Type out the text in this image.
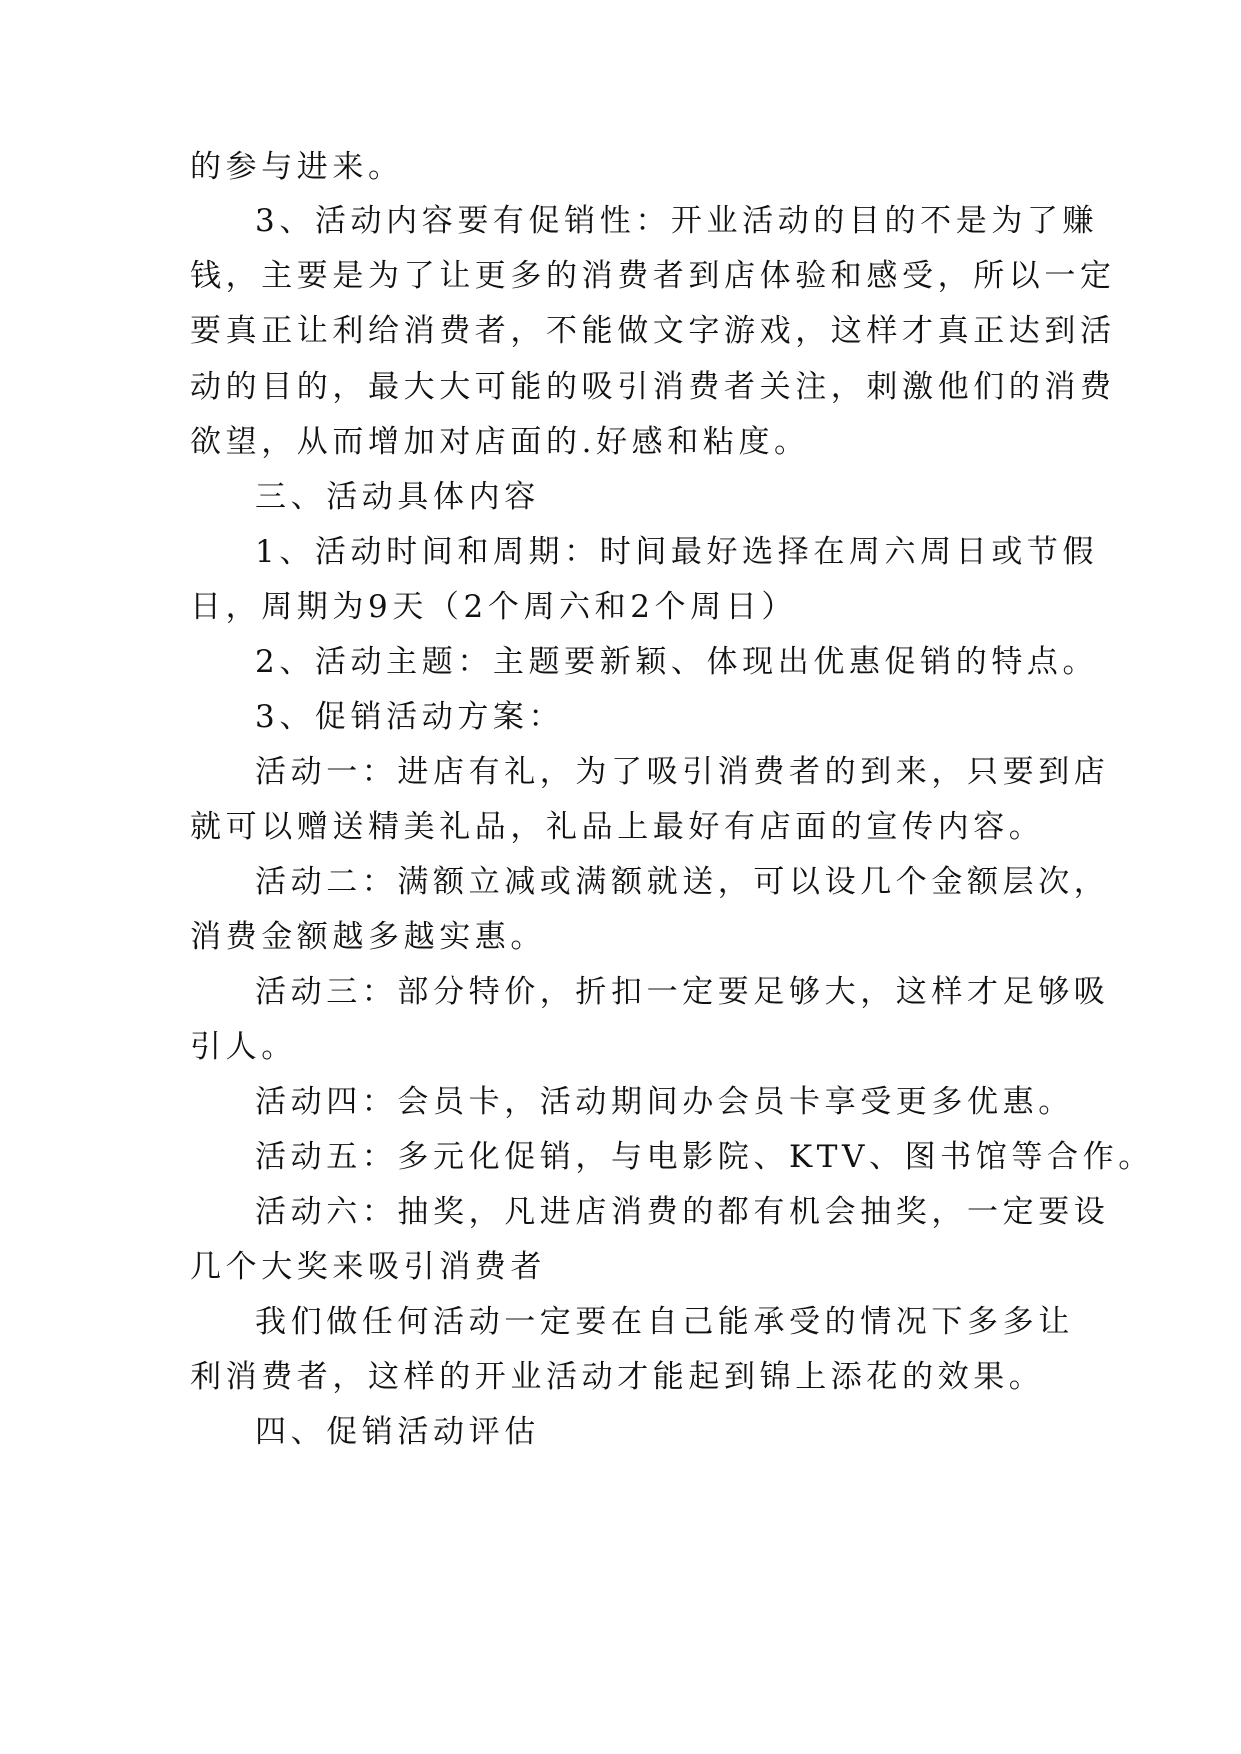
的参与进来。
3、活动内容要有促销性：开业活动的目的不是为了赚
钱，主要是为了让更多的消费者到店体验和感受，所以一定
要真正让利给消费者，不能做文字游戏，这样才真正达到活
动的目的，最大大可能的吸引消费者关注，刺激他们的消费
欲望，从而增加对店面的.好感和粘度。
三、活动具体内容
1、活动时间和周期：时间最好选择在周六周日或节假
日，周期为9天（2个周六和2个周日）
2、活动主题：主题要新颖、体现出优惠促销的特点。
3、促销活动方案：
活动一：进店有礼，为了吸引消费者的到来，只要到店
就可以赠送精美礼品，礼品上最好有店面的宣传内容。
活动二：满额立减或满额就送，可以设几个金额层次，
消费金额越多越实惠。
活动三：部分特价，折扣一定要足够大，这样才足够吸
引人。
活动四：会员卡，活动期间办会员卡享受更多优惠。
活动五：多元化促销，与电影院、KTV、图书馆等合作。
活动六：抽奖，凡进店消费的都有机会抽奖，一定要设
几个大奖来吸引消费者
我们做任何活动一定要在自己能承受的情况下多多让
利消费者，这样的开业活动才能起到锦上添花的效果。
四、促销活动评估
